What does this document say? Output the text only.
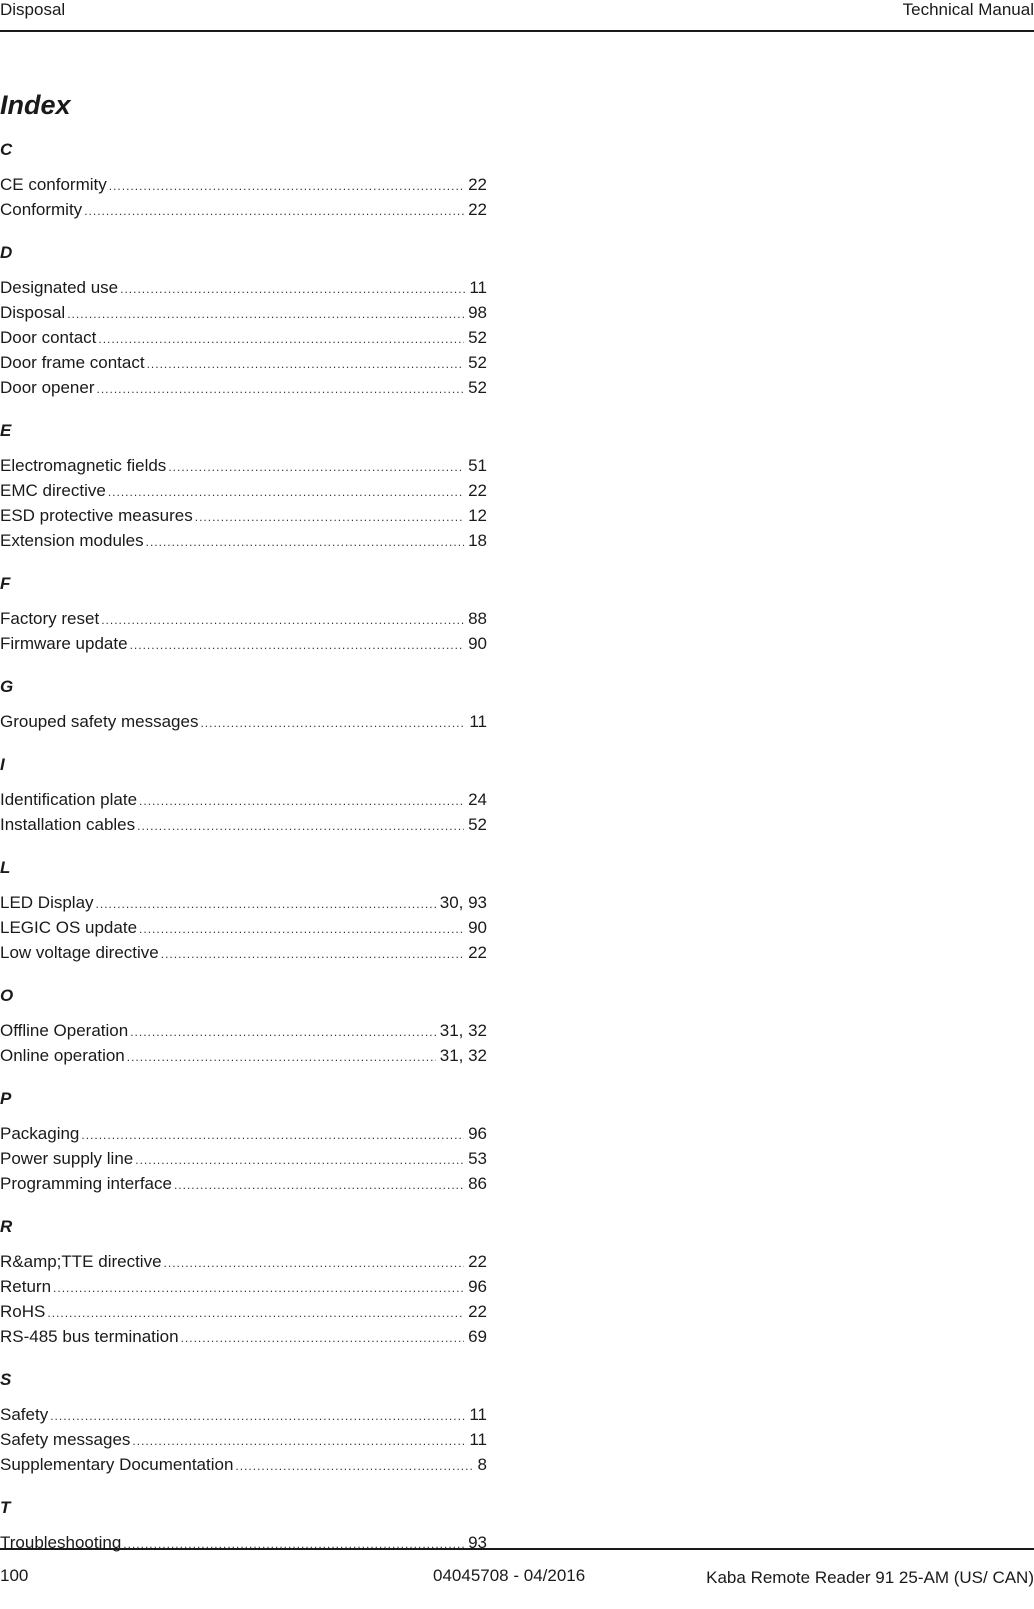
Disposal	Technical Manual
Index
C
CE conformity .....	22
Conformity .....	22
D
Designated use .....	11
Disposal .....	98
Door contact .....	52
Door frame contact .....	52
Door opener .....	52
E
Electromagnetic fields .....	51
EMC directive .....	22
ESD protective measures .....	12
Extension modules .....	18
F
Factory reset .....	88
Firmware update .....	90
G
Grouped safety messages .....	11
I
Identification plate .....	24
Installation cables .....	52
L
LED Display .....	30, 93
LEGIC OS update .....	90
Low voltage directive .....	22
O
Offline Operation .....	31, 32
Online operation .....	31, 32
P
Packaging .....	96
Power supply line .....	53
Programming interface .....	86
R
R&amp;TTE directive .....	22
Return .....	96
RoHS .....	22
RS-485 bus termination .....	69
S
Safety .....	11
Safety messages .....	11
Supplementary Documentation .....	8
T
Troubleshooting .....	93
100	04045708 - 04/2016	Kaba Remote Reader 91 25-AM (US/ CAN)
